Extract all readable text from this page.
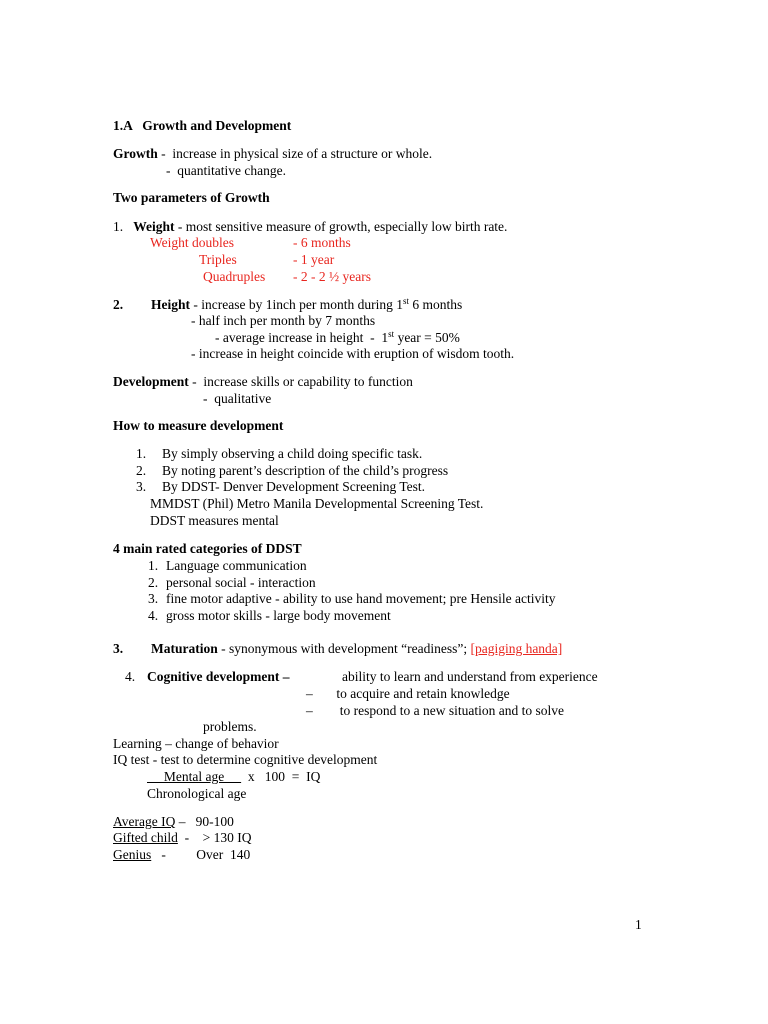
1.A   Growth and Development
Growth -  increase in physical size of a structure or whole.
-  quantitative change.
Two parameters of Growth
1. Weight - most sensitive measure of growth, especially low birth rate.
Weight doubles	- 6 months
Triples	- 1 year
Quadruples - 2 - 2 ½ years
2. Height - increase by 1inch per month during 1st 6 months
- half inch per month by 7 months
- average increase in height  -  1st year = 50%
- increase in height coincide with eruption of wisdom tooth.
Development -  increase skills or capability to function
-  qualitative
How to measure development
1. By simply observing a child doing specific task.
2. By noting parent’s description of the child’s progress
3. By DDST- Denver Development Screening Test.
MMDST (Phil) Metro Manila Developmental Screening Test.
DDST measures mental
4 main rated categories of DDST
1. Language communication
2. personal social - interaction
3. fine motor adaptive - ability to use hand movement; pre Hensile activity
4. gross motor skills - large body movement
3. Maturation - synonymous with development “readiness”; [pagiging handa]
4. Cognitive development –	ability to learn and understand from experience
–       to acquire and retain knowledge
–        to respond to a new situation and to solve
problems.
Learning – change of behavior
IQ test - test to determine cognitive development
Mental age       x   100  =  IQ
Chronological age
Average IQ –   90-100
Gifted child  -    > 130 IQ
Genius   -         Over  140
1
